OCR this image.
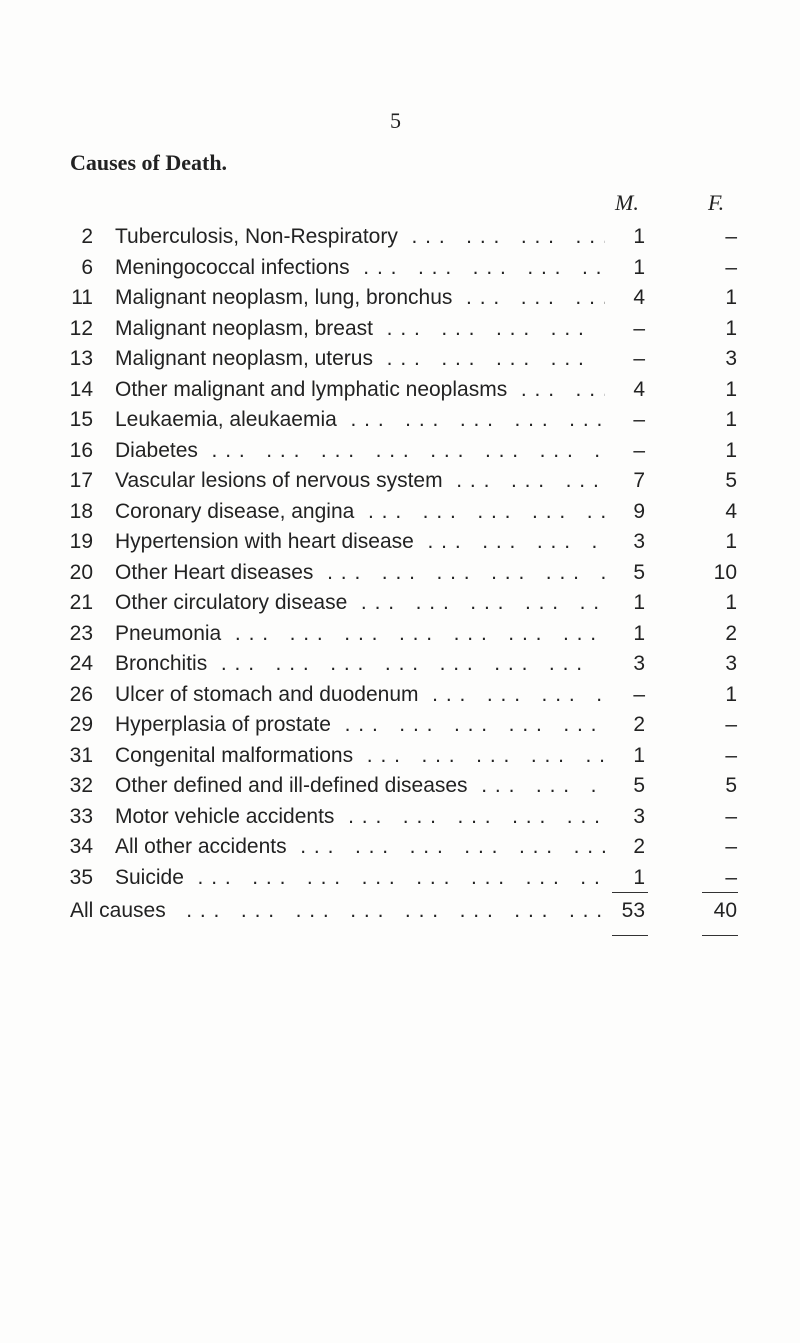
5
Causes of Death.
M.	F.
2 Tuberculosis, Non-Respiratory . . .	1	–
6 Meningococcal infections . . .	1	–
11 Malignant neoplasm, lung, bronchus . . .	4	1
12 Malignant neoplasm, breast . . .	–	1
13 Malignant neoplasm, uterus . . .	–	3
14 Other malignant and lymphatic neoplasms . . .	4	1
15 Leukaemia, aleukaemia . . .	–	1
16 Diabetes . . .	–	1
17 Vascular lesions of nervous system . . .	7	5
18 Coronary disease, angina . . .	9	4
19 Hypertension with heart disease . . .	3	1
20 Other Heart diseases . . .	5	10
21 Other circulatory disease . . .	1	1
23 Pneumonia . . .	1	2
24 Bronchitis . . .	3	3
26 Ulcer of stomach and duodenum . . .	–	1
29 Hyperplasia of prostate . . .	2	–
31 Congenital malformations . . .	1	–
32 Other defined and ill-defined diseases . . .	5	5
33 Motor vehicle accidents . . .	3	–
34 All other accidents . . .	2	–
35 Suicide . . .	1	–
All causes . . .	53	40
